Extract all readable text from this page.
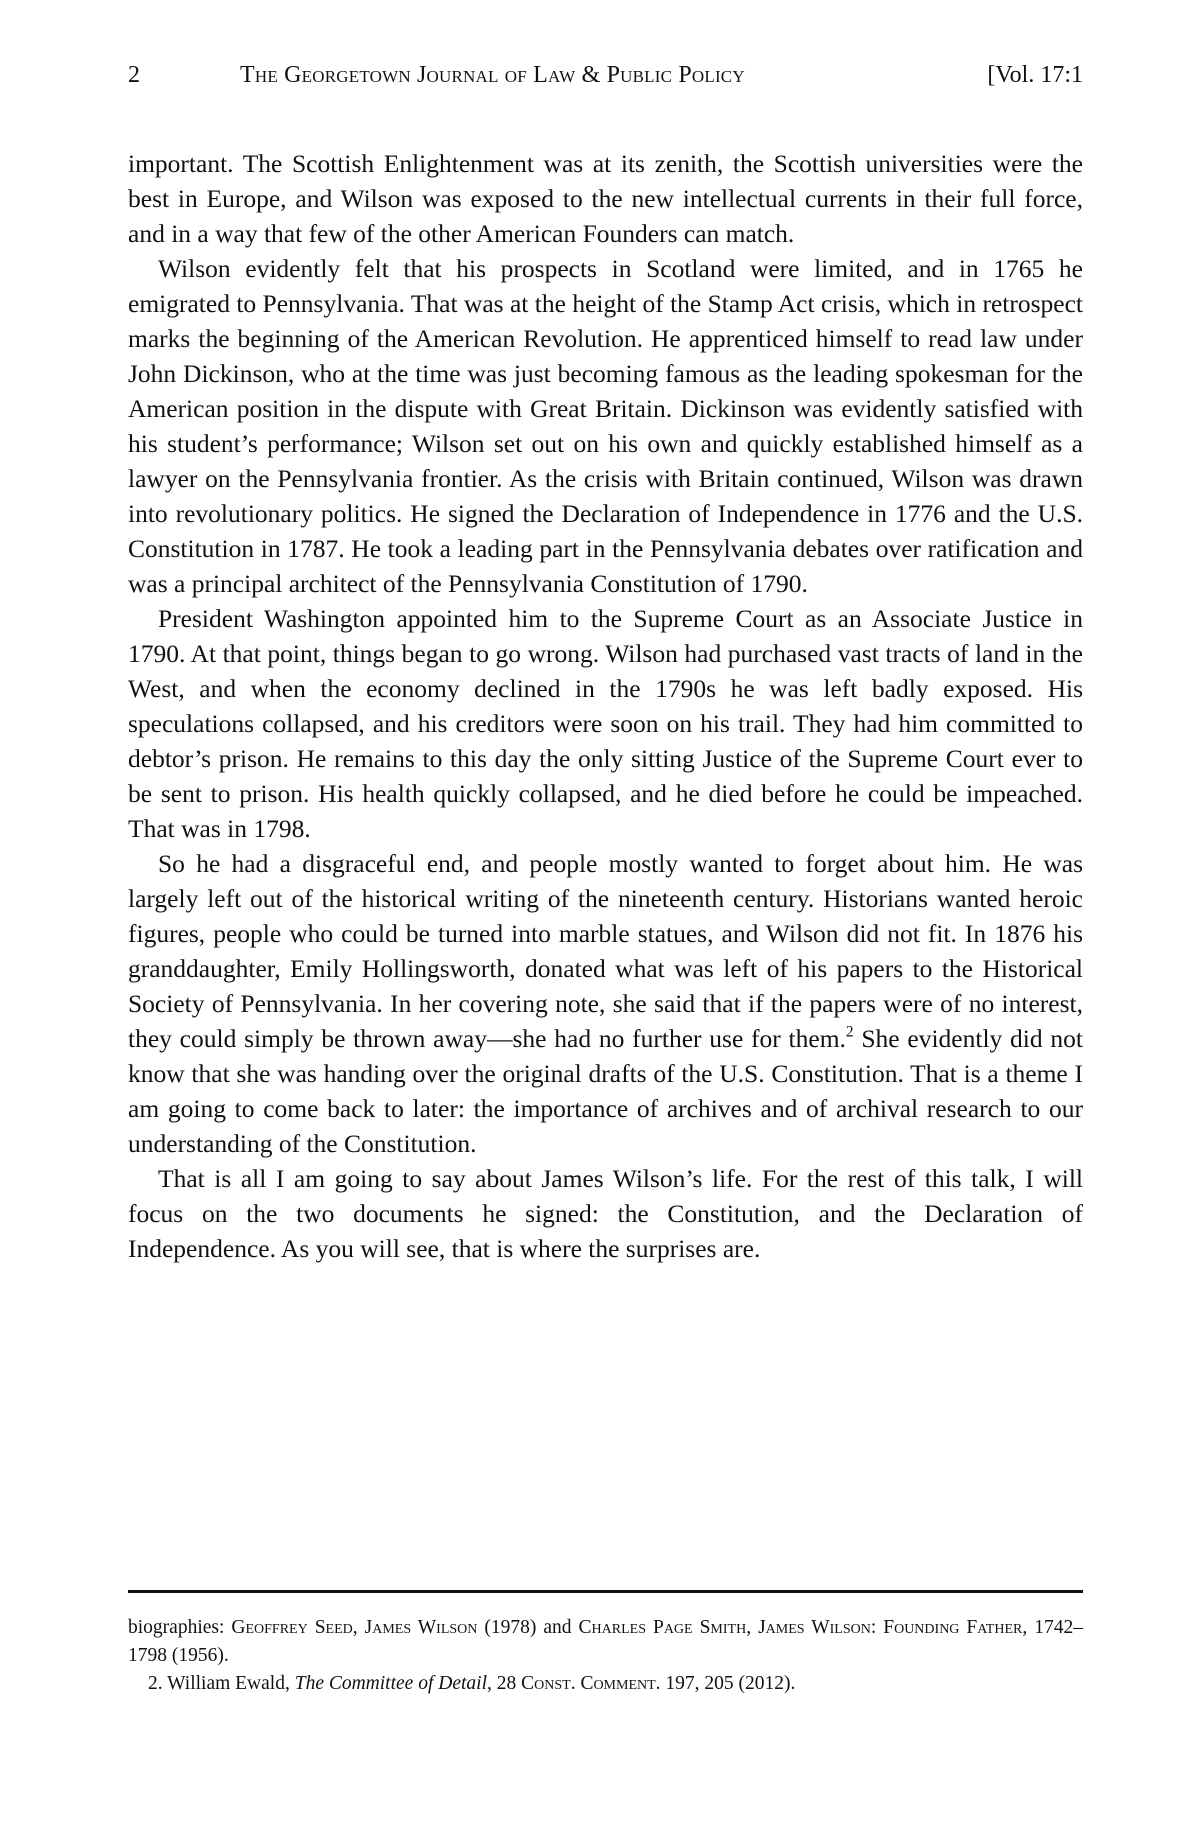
2	The Georgetown Journal of Law & Public Policy	[Vol. 17:1

important. The Scottish Enlightenment was at its zenith, the Scottish universities were the best in Europe, and Wilson was exposed to the new intellectual currents in their full force, and in a way that few of the other American Founders can match.

Wilson evidently felt that his prospects in Scotland were limited, and in 1765 he emigrated to Pennsylvania. That was at the height of the Stamp Act crisis, which in retrospect marks the beginning of the American Revolution. He apprenticed himself to read law under John Dickinson, who at the time was just becoming famous as the leading spokesman for the American position in the dispute with Great Britain. Dickinson was evidently satisfied with his student’s performance; Wilson set out on his own and quickly established himself as a lawyer on the Pennsylvania frontier. As the crisis with Britain continued, Wilson was drawn into revolutionary politics. He signed the Declaration of Independence in 1776 and the U.S. Constitution in 1787. He took a leading part in the Pennsylvania debates over ratification and was a principal architect of the Pennsylvania Constitution of 1790.

President Washington appointed him to the Supreme Court as an Associate Justice in 1790. At that point, things began to go wrong. Wilson had purchased vast tracts of land in the West, and when the economy declined in the 1790s he was left badly exposed. His speculations collapsed, and his creditors were soon on his trail. They had him committed to debtor’s prison. He remains to this day the only sitting Justice of the Supreme Court ever to be sent to prison. His health quickly collapsed, and he died before he could be impeached. That was in 1798.

So he had a disgraceful end, and people mostly wanted to forget about him. He was largely left out of the historical writing of the nineteenth century. Historians wanted heroic figures, people who could be turned into marble statues, and Wilson did not fit. In 1876 his granddaughter, Emily Hollingsworth, donated what was left of his papers to the Historical Society of Pennsylvania. In her covering note, she said that if the papers were of no interest, they could simply be thrown away—she had no further use for them.$^2$ She evidently did not know that she was handing over the original drafts of the U.S. Constitution. That is a theme I am going to come back to later: the importance of archives and of archival research to our understanding of the Constitution.

That is all I am going to say about James Wilson’s life. For the rest of this talk, I will focus on the two documents he signed: the Constitution, and the Declaration of Independence. As you will see, that is where the surprises are.

biographies: Geoffrey Seed, James Wilson (1978) and Charles Page Smith, James Wilson: Founding Father, 1742–1798 (1956).

2. William Ewald, The Committee of Detail, 28 Const. Comment. 197, 205 (2012).
